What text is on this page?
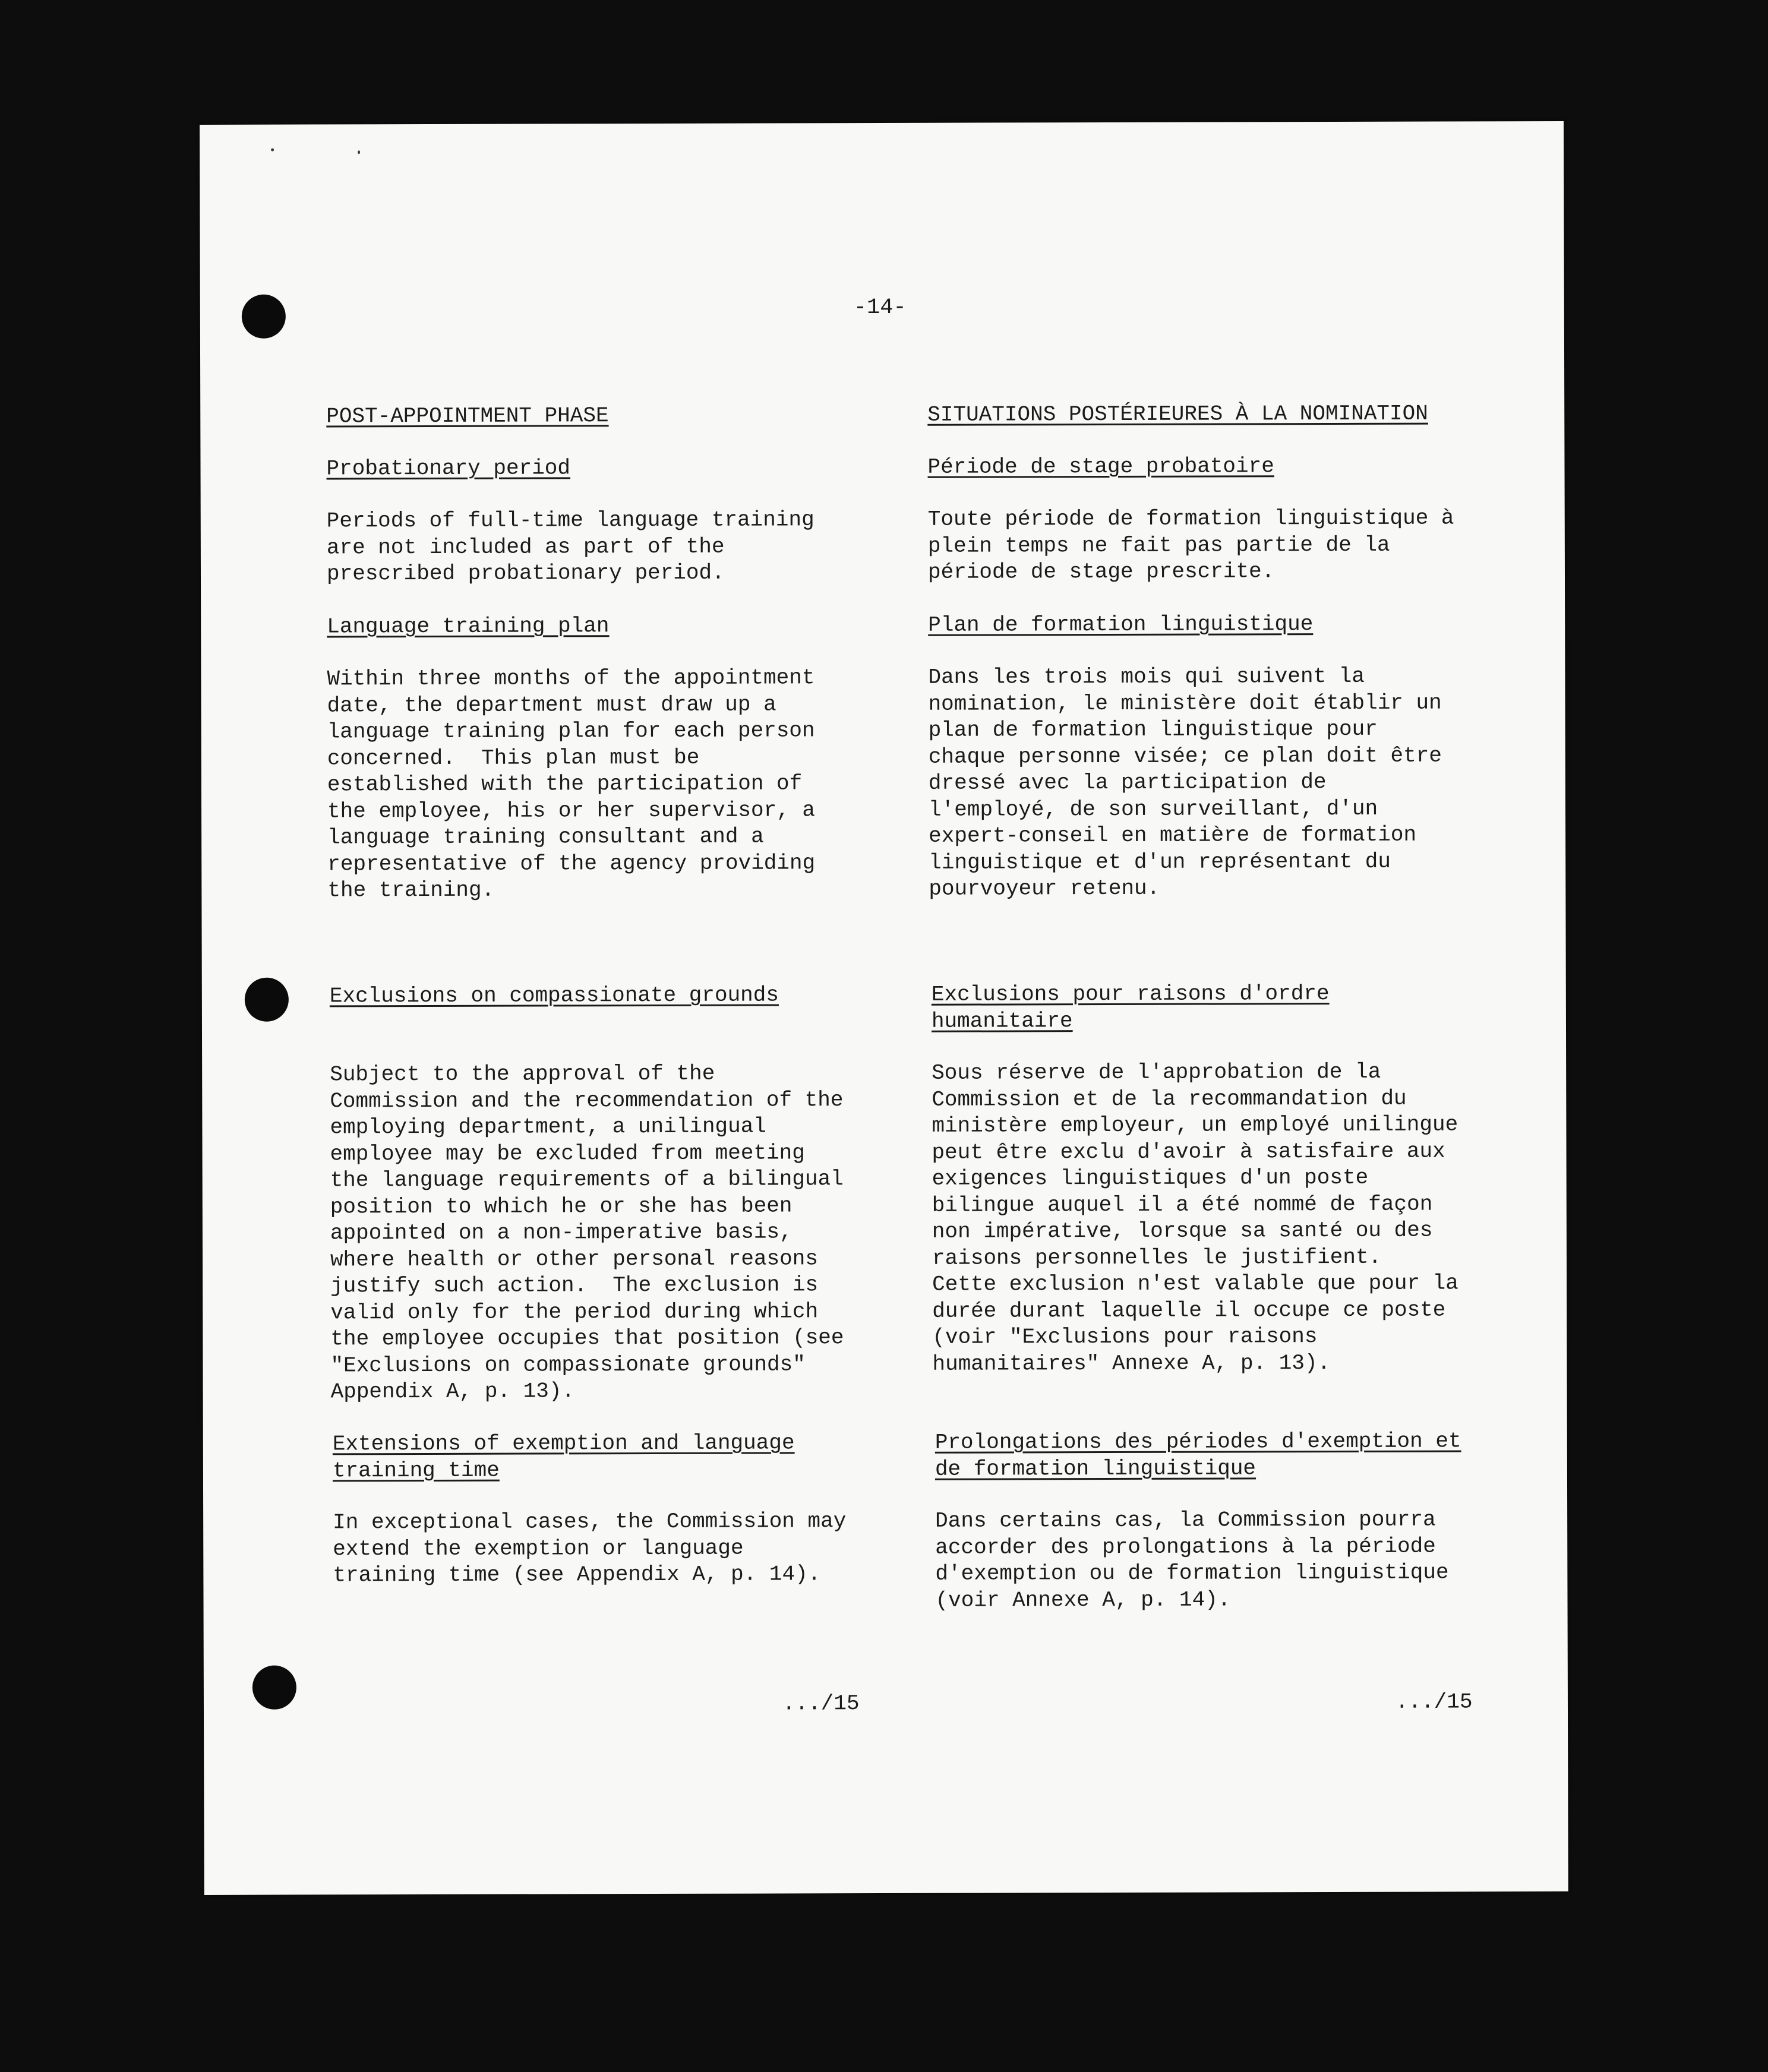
-14-

POST-APPOINTMENT PHASE

Probationary period

Periods of full-time language training
are not included as part of the
prescribed probationary period.

Language training plan

Within three months of the appointment
date, the department must draw up a
language training plan for each person
concerned.  This plan must be
established with the participation of
the employee, his or her supervisor, a
language training consultant and a
representative of the agency providing
the training.

Exclusions on compassionate grounds

Subject to the approval of the
Commission and the recommendation of the
employing department, a unilingual
employee may be excluded from meeting
the language requirements of a bilingual
position to which he or she has been
appointed on a non-imperative basis,
where health or other personal reasons
justify such action.  The exclusion is
valid only for the period during which
the employee occupies that position (see
"Exclusions on compassionate grounds"
Appendix A, p. 13).

Extensions of exemption and language
training time

In exceptional cases, the Commission may
extend the exemption or language
training time (see Appendix A, p. 14).

SITUATIONS POSTÉRIEURES À LA NOMINATION

Période de stage probatoire

Toute période de formation linguistique à
plein temps ne fait pas partie de la
période de stage prescrite.

Plan de formation linguistique

Dans les trois mois qui suivent la
nomination, le ministère doit établir un
plan de formation linguistique pour
chaque personne visée; ce plan doit être
dressé avec la participation de
l'employé, de son surveillant, d'un
expert-conseil en matière de formation
linguistique et d'un représentant du
pourvoyeur retenu.

Exclusions pour raisons d'ordre
humanitaire

Sous réserve de l'approbation de la
Commission et de la recommandation du
ministère employeur, un employé unilingue
peut être exclu d'avoir à satisfaire aux
exigences linguistiques d'un poste
bilingue auquel il a été nommé de façon
non impérative, lorsque sa santé ou des
raisons personnelles le justifient.
Cette exclusion n'est valable que pour la
durée durant laquelle il occupe ce poste
(voir "Exclusions pour raisons
humanitaires" Annexe A, p. 13).

Prolongations des périodes d'exemption et
de formation linguistique

Dans certains cas, la Commission pourra
accorder des prolongations à la période
d'exemption ou de formation linguistique
(voir Annexe A, p. 14).

.../15	.../15
